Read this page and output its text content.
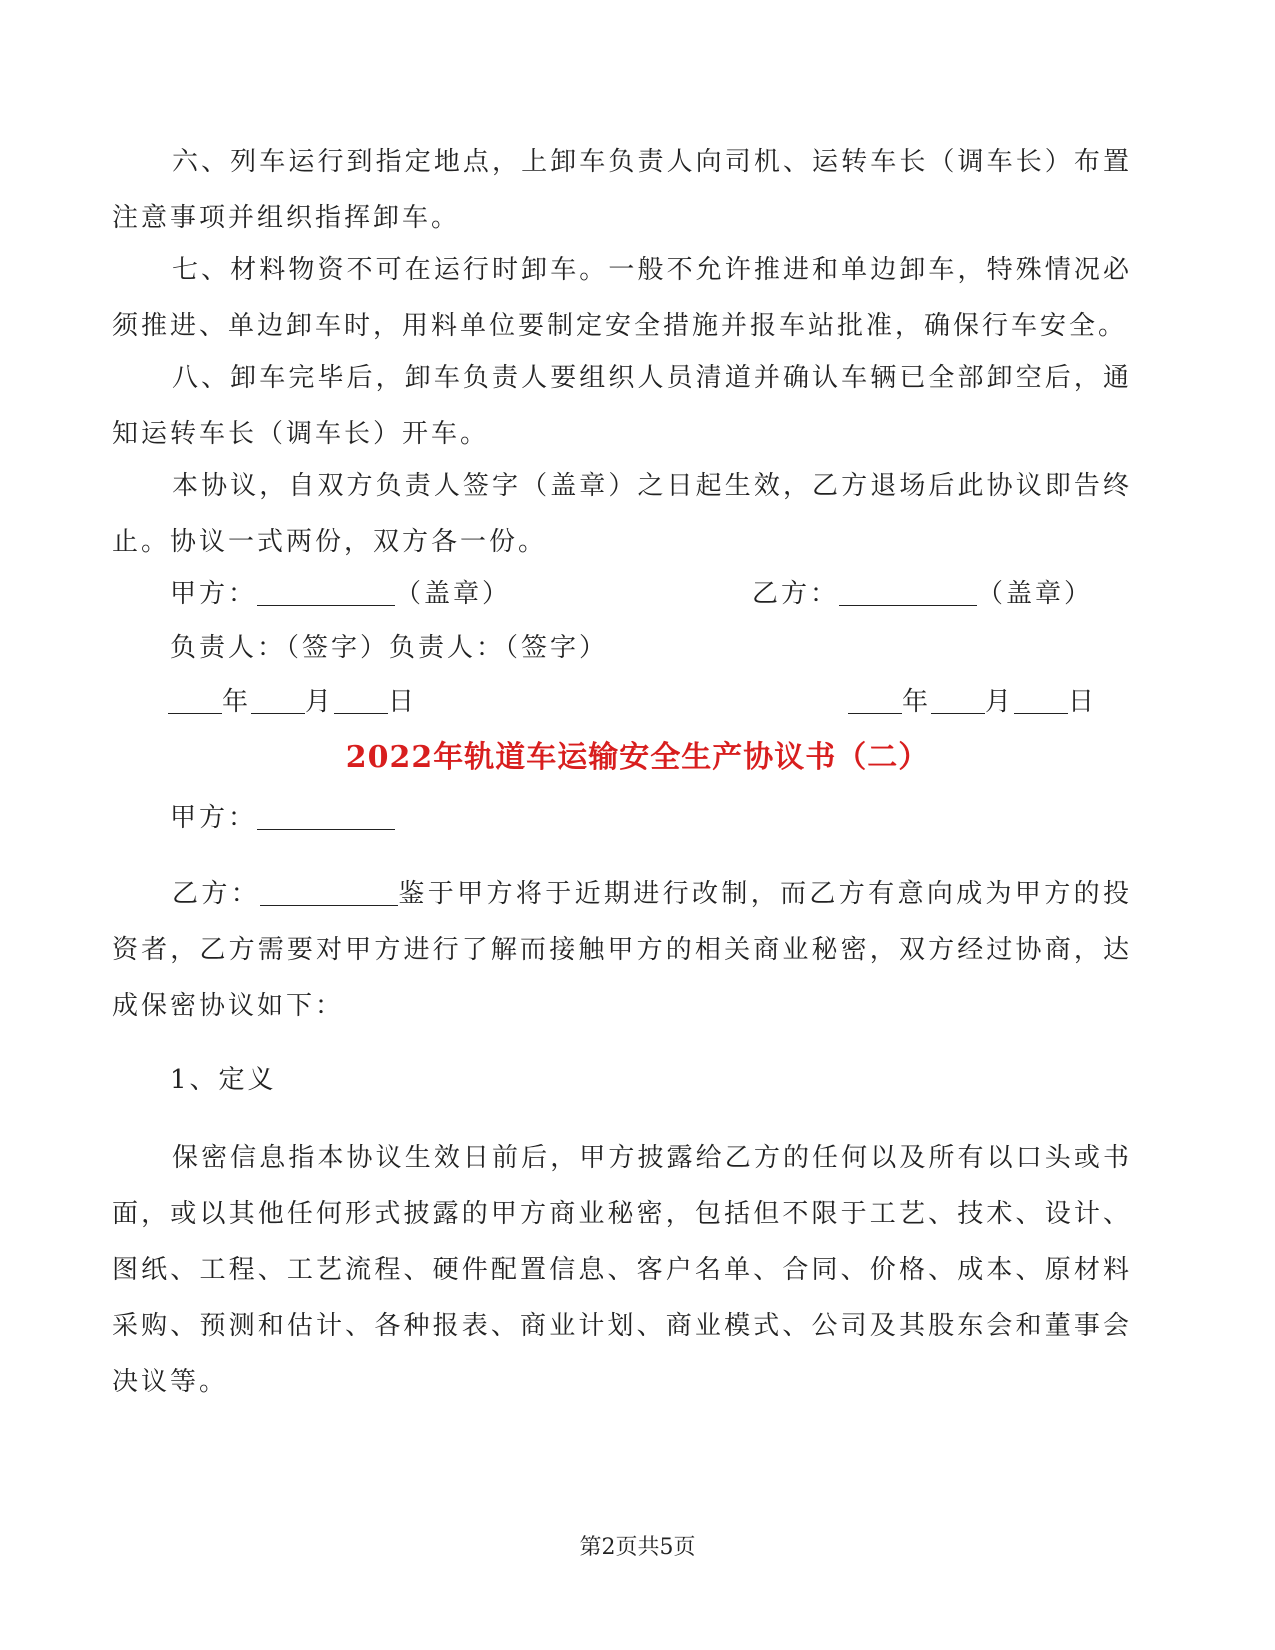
六、列车运行到指定地点，上卸车负责人向司机、运转车长（调车长）布置注意事项并组织指挥卸车。

七、材料物资不可在运行时卸车。一般不允许推进和单边卸车，特殊情况必须推进、单边卸车时，用料单位要制定安全措施并报车站批准，确保行车安全。

八、卸车完毕后，卸车负责人要组织人员清道并确认车辆已全部卸空后，通知运转车长（调车长）开车。

本协议，自双方负责人签字（盖章）之日起生效，乙方退场后此协议即告终止。协议一式两份，双方各一份。

甲方：	（盖章）	乙方：	（盖章）
负责人：（签字）负责人：（签字）
年 月 日	年 月 日
2022年轨道车运输安全生产协议书（二）
甲方：

乙方：	鉴于甲方将于近期进行改制，而乙方有意向成为甲方的投资者，乙方需要对甲方进行了解而接触甲方的相关商业秘密，双方经过协商，达成保密协议如下：

1、定义

保密信息指本协议生效日前后，甲方披露给乙方的任何以及所有以口头或书面，或以其他任何形式披露的甲方商业秘密，包括但不限于工艺、技术、设计、图纸、工程、工艺流程、硬件配置信息、客户名单、合同、价格、成本、原材料采购、预测和估计、各种报表、商业计划、商业模式、公司及其股东会和董事会决议等。

第2页共5页
